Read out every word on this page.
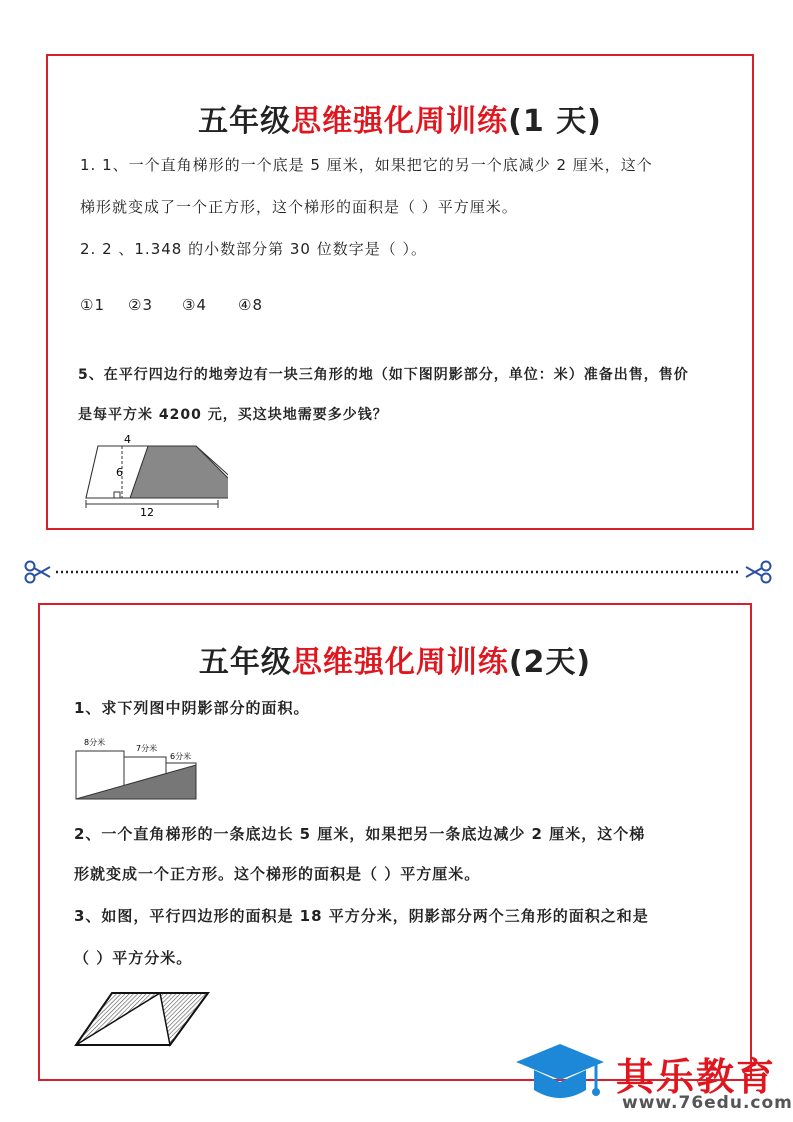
五年级思维强化周训练(1 天)
1. 1、一个直角梯形的一个底是 5 厘米，如果把它的另一个底减少 2 厘米，这个
梯形就变成了一个正方形，这个梯形的面积是（ ）平方厘米。
2. 2 、1.348 的小数部分第 30 位数字是（ ）。
①1 ②3 ③4 ④8
5、在平行四边行的地旁边有一块三角形的地（如下图阴影部分，单位：米）准备出售，售价
是每平方米 4200 元，买这块地需要多少钱？
4
6
12
五年级思维强化周训练(2天)
1、求下列图中阴影部分的面积。
8分米
7分米
6分米
2、一个直角梯形的一条底边长 5 厘米，如果把另一条底边减少 2 厘米，这个梯
形就变成一个正方形。这个梯形的面积是（ ）平方厘米。
3、如图，平行四边形的面积是 18 平方分米，阴影部分两个三角形的面积之和是
（ ）平方分米。
其乐教育
www.76edu.com
